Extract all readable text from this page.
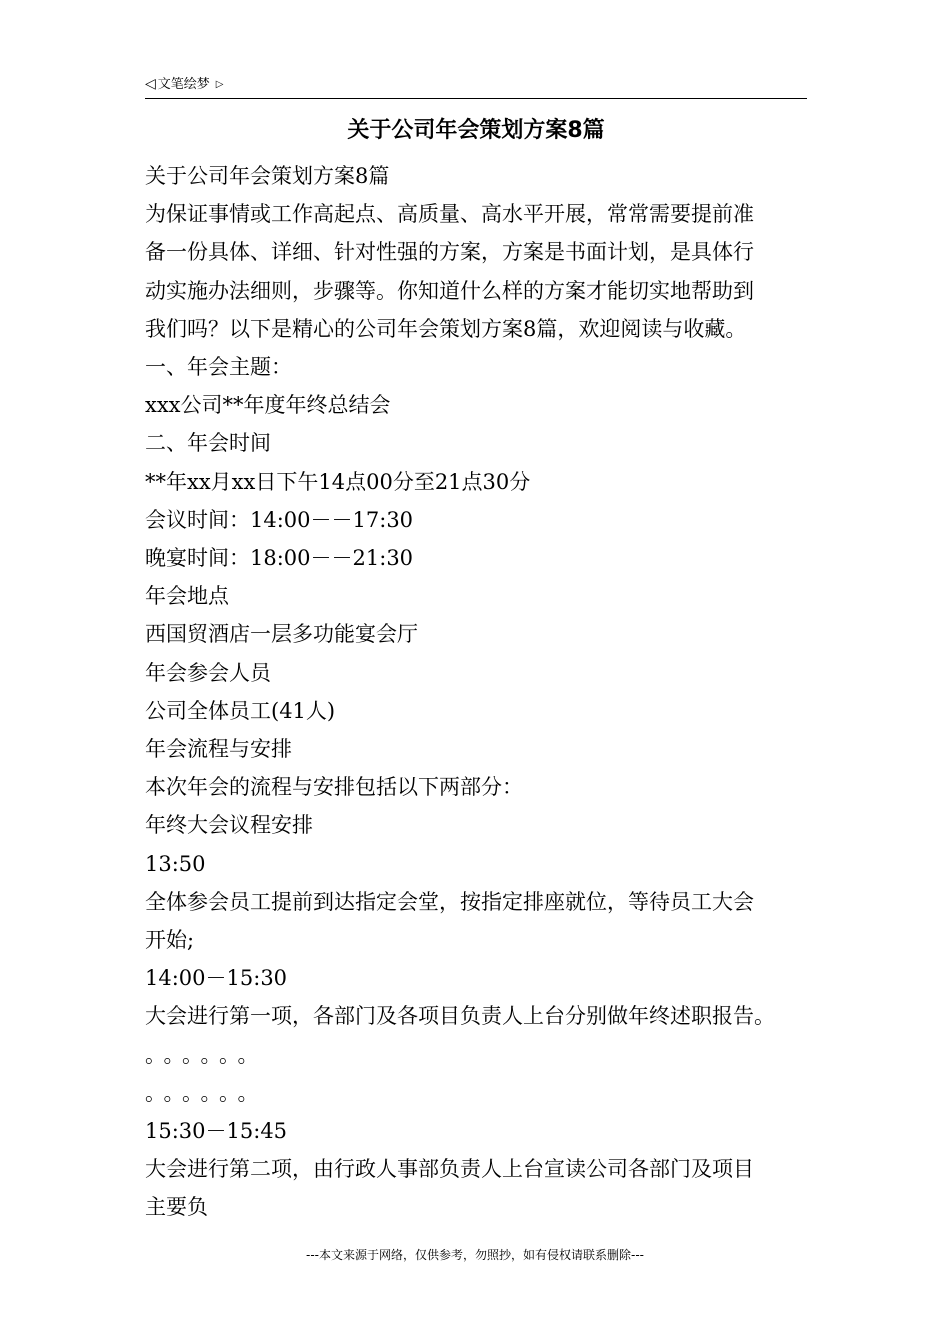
◁ 文笔绘梦 ▷
关于公司年会策划方案8篇

关于公司年会策划方案8篇

为保证事情或工作高起点、高质量、高水平开展，常常需要提前准

备一份具体、详细、针对性强的方案，方案是书面计划，是具体行

动实施办法细则，步骤等。你知道什么样的方案才能切实地帮助到

我们吗？以下是精心的公司年会策划方案8篇，欢迎阅读与收藏。

一、年会主题：

xxx公司**年度年终总结会

二、年会时间

**年xx月xx日下午14点00分至21点30分

会议时间：14:00－－17:30

晚宴时间：18:00－－21:30

年会地点

西国贸酒店一层多功能宴会厅

年会参会人员

公司全体员工(41人)

年会流程与安排

本次年会的流程与安排包括以下两部分：

年终大会议程安排

13:50

全体参会员工提前到达指定会堂，按指定排座就位，等待员工大会

开始;

14:00－15:30

大会进行第一项，各部门及各项目负责人上台分别做年终述职报告。

。。。。。。

。。。。。。

15:30－15:45

大会进行第二项，由行政人事部负责人上台宣读公司各部门及项目

主要负

---本文来源于网络，仅供参考，勿照抄，如有侵权请联系删除---
